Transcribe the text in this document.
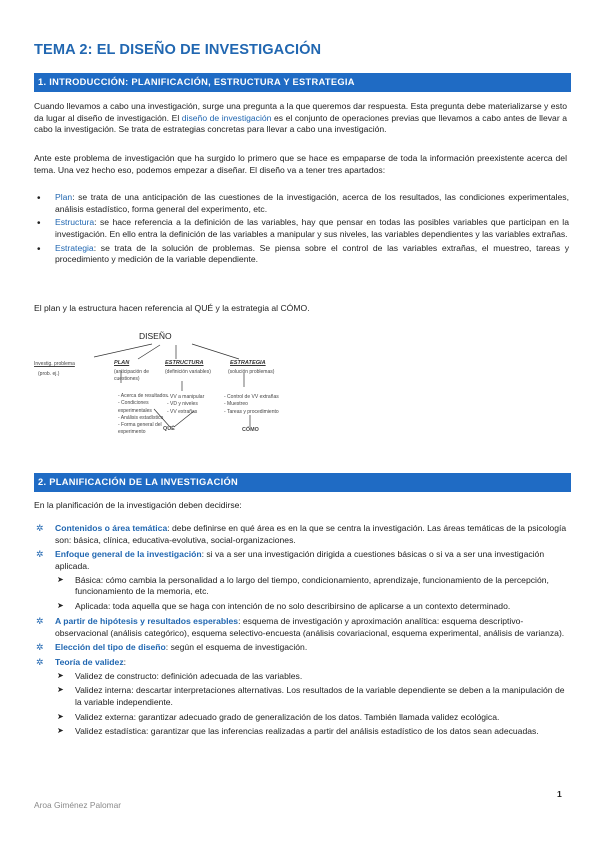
TEMA 2: EL DISEÑO DE INVESTIGACIÓN
1. INTRODUCCIÓN: PLANIFICACIÓN, ESTRUCTURA Y ESTRATEGIA
Cuando llevamos a cabo una investigación, surge una pregunta a la que queremos dar respuesta. Esta pregunta debe materializarse y esto da lugar al diseño de investigación. El diseño de investigación es el conjunto de operaciones previas que llevamos a cabo antes de llevar a cabo la investigación. Se trata de estrategias concretas para llevar a cabo una investigación.
Ante este problema de investigación que ha surgido lo primero que se hace es empaparse de toda la información preexistente acerca del tema. Una vez hecho eso, podemos empezar a diseñar. El diseño va a tener tres apartados:
• Plan: se trata de una anticipación de las cuestiones de la investigación, acerca de los resultados, las condiciones experimentales, análisis estadístico, forma general del experimento, etc.
• Estructura: se hace referencia a la definición de las variables, hay que pensar en todas las posibles variables que participan en la investigación. En ello entra la definición de las variables a manipular y sus niveles, las variables dependientes y las variables extrañas.
• Estrategia: se trata de la solución de problemas. Se piensa sobre el control de las variables extrañas, el muestreo, tareas y procedimiento y medición de la variable dependiente.
El plan y la estructura hacen referencia al QUÉ y la estrategia al CÓMO.
DISEÑO
Investig. problema
(prob. ej.)
PLAN
(anticipación de cuestiones)
- Acerca de resultados
- Condiciones experimentales
- Análisis estadístico
- Forma general del experimento
ESTRUCTURA
(definición variables)
- VV a manipular
- VD y niveles
- VV extrañas
ESTRATEGIA
(solución problemas)
- Control de VV extrañas
- Muestreo
- Tareas y procedimiento
QUÉ	CÓMO
2. PLANIFICACIÓN DE LA INVESTIGACIÓN
En la planificación de la investigación deben decidirse:
✲ Contenidos o área temática: debe definirse en qué área es en la que se centra la investigación. Las áreas temáticas de la psicología son: básica, clínica, educativa-evolutiva, social-organizaciones.
✲ Enfoque general de la investigación: si va a ser una investigación dirigida a cuestiones básicas o si va a ser una investigación aplicada.
➤ Básica: cómo cambia la personalidad a lo largo del tiempo, condicionamiento, aprendizaje, funcionamiento de la percepción, funcionamiento de la memoria, etc.
➤ Aplicada: toda aquella que se haga con intención de no solo describirsino de aplicarse a un contexto determinado.
✲ A partir de hipótesis y resultados esperables: esquema de investigación y aproximación analítica: esquema descriptivo-observacional (análisis categórico), esquema selectivo-encuesta (análisis covariacional, esquema experimental, análisis de varianza).
✲ Elección del tipo de diseño: según el esquema de investigación.
✲ Teoría de validez:
➤ Validez de constructo: definición adecuada de las variables.
➤ Validez interna: descartar interpretaciones alternativas. Los resultados de la variable dependiente se deben a la manipulación de la variable independiente.
➤ Validez externa: garantizar adecuado grado de generalización de los datos. También llamada validez ecológica.
➤ Validez estadística: garantizar que las inferencias realizadas a partir del análisis estadístico de los datos sean adecuadas.
1
Aroa Giménez Palomar
